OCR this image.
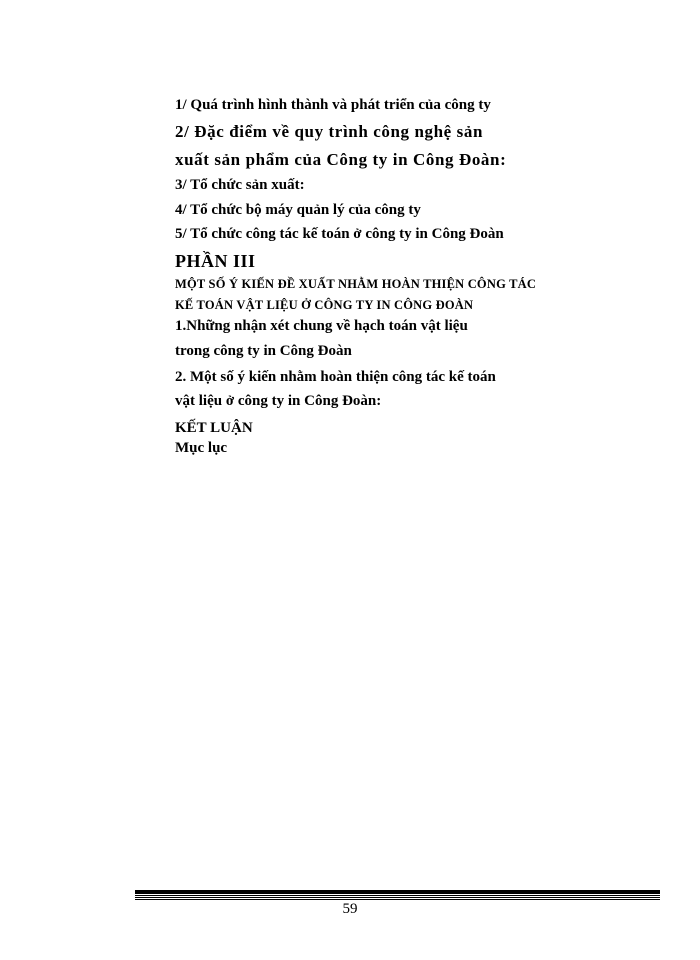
1/ Quá trình hình thành và phát triển của công ty
2/ Đặc điểm về quy trình công nghệ sản
xuất sản phẩm của Công ty in Công Đoàn:
3/ Tổ chức sản xuất:
4/ Tổ chức bộ máy quản lý của công ty
5/ Tổ chức công tác kế toán ở công ty in Công Đoàn
PHẦN III
MỘT SỐ Ý KIẾN ĐỀ XUẤT NHẰM HOÀN THIỆN CÔNG TÁC
KẾ TOÁN VẬT LIỆU Ở CÔNG TY IN CÔNG ĐOÀN
1.Những nhận xét chung về hạch toán vật liệu
trong công ty in Công Đoàn
2. Một số ý kiến nhằm hoàn thiện công tác kế toán
vật liệu ở công ty in Công Đoàn:
KẾT LUẬN
Mục lục
59
